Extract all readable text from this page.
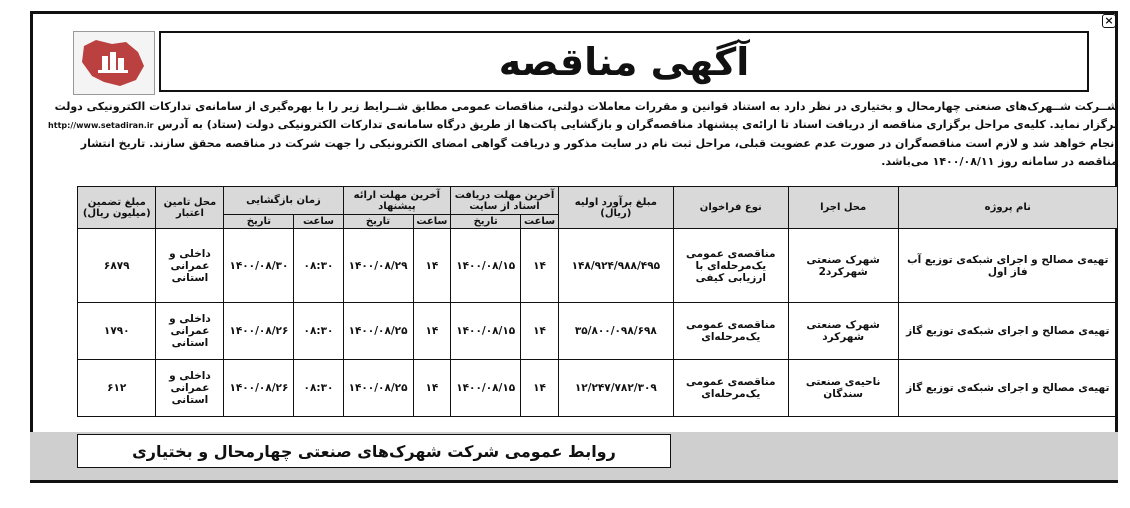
×
آگهی مناقصه

شــرکت شــهرک‌های صنعتی چهارمحال و بختیاری در نظر دارد به استناد قوانین و مقررات معاملات دولتی، مناقصات عمومی مطابق شــرایط زیر را با بهره‌گیری از سامانه‌ی تدارکات الکترونیکی دولت

برگزار نماید. کلیه‌ی مراحل برگزاری مناقصه از دریافت اسناد تا ارائه‌ی پیشنهاد مناقصه‌گران و بازگشایی پاکت‌ها از طریق درگاه سامانه‌ی تدارکات الکترونیکی دولت (ستاد) به آدرس http://www.setadiran.ir

انجام خواهد شد و لازم است مناقصه‌گران در صورت عدم عضویت قبلی، مراحل ثبت نام در سایت مذکور و دریافت گواهی امضای الکترونیکی را جهت شرکت در مناقصه محقق سازند. تاریخ انتشار

مناقصه در سامانه روز ۱۴۰۰/۰۸/۱۱ می‌باشد.

نام پروژه	محل اجرا	نوع فراخوان	مبلغ برآورد اولیه (ریال)	آخرین مهلت دریافت اسناد از سایت		آخرین مهلت ارائه پیشنهاد		زمان بازگشایی		محل تامین اعتبار	مبلغ تضمین (میلیون ریال)
				ساعت	تاریخ	ساعت	تاریخ	ساعت	تاریخ		
تهیه‌ی مصالح و اجرای شبکه‌ی توزیع آب فاز اول	شهرک صنعتی شهرکرد2	مناقصه‌ی عمومی یک‌مرحله‌ای با ارزیابی کیفی	۱۴۸/۹۲۴/۹۸۸/۴۹۵	۱۴	۱۴۰۰/۰۸/۱۵	۱۴	۱۴۰۰/۰۸/۲۹	۰۸:۳۰	۱۴۰۰/۰۸/۳۰	داخلی و عمرانی استانی	۶۸۷۹
تهیه‌ی مصالح و اجرای شبکه‌ی توزیع گاز	شهرک صنعتی شهرکرد	مناقصه‌ی عمومی یک‌مرحله‌ای	۳۵/۸۰۰/۰۹۸/۶۹۸	۱۴	۱۴۰۰/۰۸/۱۵	۱۴	۱۴۰۰/۰۸/۲۵	۰۸:۳۰	۱۴۰۰/۰۸/۲۶	داخلی و عمرانی استانی	۱۷۹۰
تهیه‌ی مصالح و اجرای شبکه‌ی توزیع گاز	ناحیه‌ی صنعتی سندگان	مناقصه‌ی عمومی یک‌مرحله‌ای	۱۲/۲۴۷/۷۸۲/۳۰۹	۱۴	۱۴۰۰/۰۸/۱۵	۱۴	۱۴۰۰/۰۸/۲۵	۰۸:۳۰	۱۴۰۰/۰۸/۲۶	داخلی و عمرانی استانی	۶۱۲
روابط عمومی شرکت شهرک‌های صنعتی چهارمحال و بختیاری
